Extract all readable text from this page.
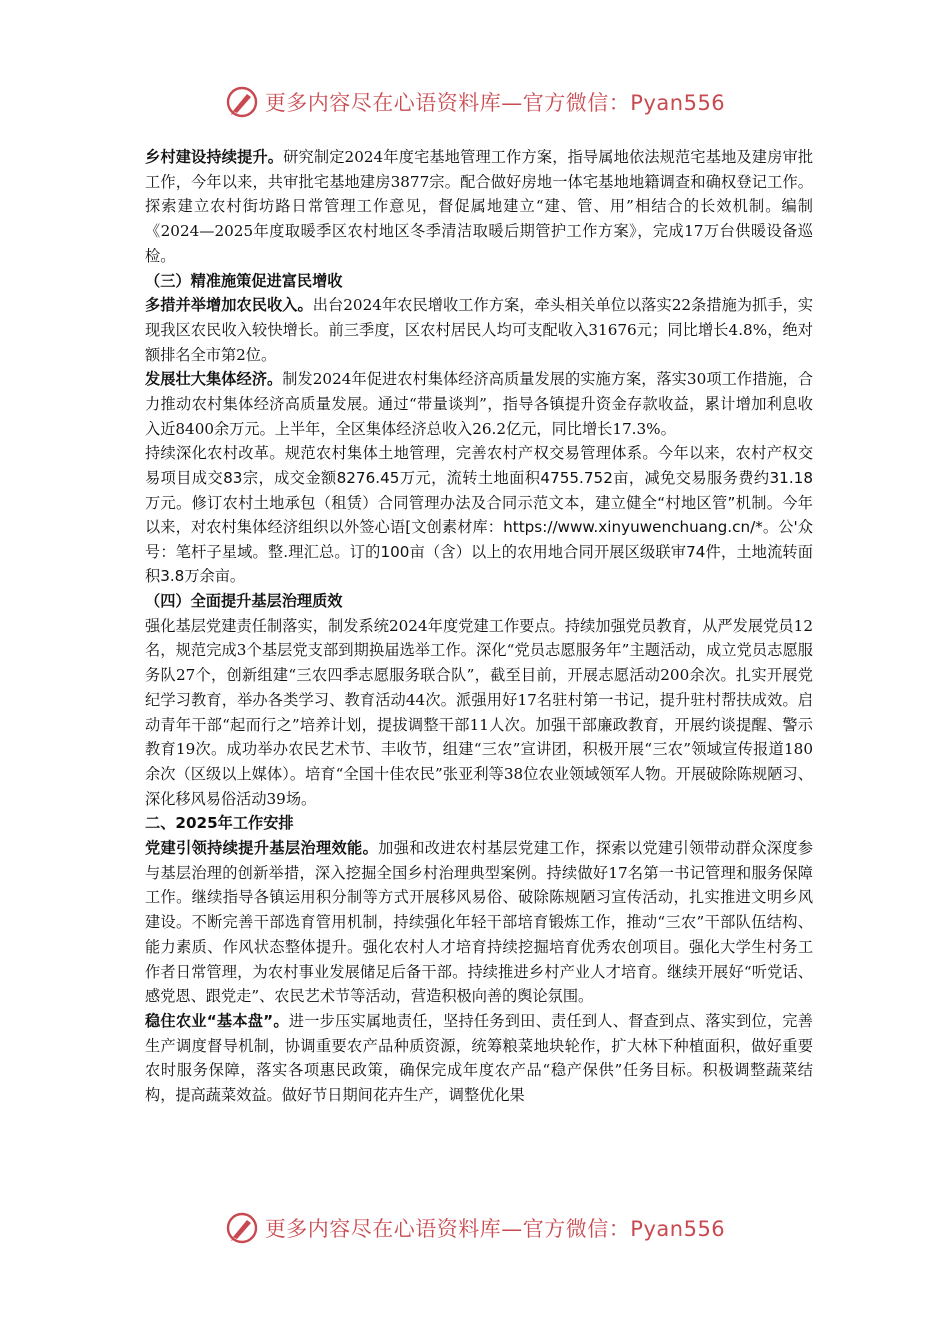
更多内容尽在心语资料库—官方微信：Pyan556

乡村建设持续提升。研究制定2024年度宅基地管理工作方案，指导属地依法规范宅基地及建房审批工作，今年以来，共审批宅基地建房3877宗。配合做好房地一体宅基地地籍调查和确权登记工作。探索建立农村街坊路日常管理工作意见，督促属地建立“建、管、用”相结合的长效机制。编制《2024—2025年度取暖季区农村地区冬季清洁取暖后期管护工作方案》，完成17万台供暖设备巡检。

（三）精准施策促进富民增收

多措并举增加农民收入。出台2024年农民增收工作方案，牵头相关单位以落实22条措施为抓手，实现我区农民收入较快增长。前三季度，区农村居民人均可支配收入31676元；同比增长4.8%，绝对额排名全市第2位。

发展壮大集体经济。制发2024年促进农村集体经济高质量发展的实施方案，落实30项工作措施，合力推动农村集体经济高质量发展。通过“带量谈判”，指导各镇提升资金存款收益，累计增加利息收入近8400余万元。上半年，全区集体经济总收入26.2亿元，同比增长17.3%。

持续深化农村改革。规范农村集体土地管理，完善农村产权交易管理体系。今年以来，农村产权交易项目成交83宗，成交金额8276.45万元，流转土地面积4755.752亩，减免交易服务费约31.18万元。修订农村土地承包（租赁）合同管理办法及合同示范文本，建立健全“村地区管”机制。今年以来，对农村集体经济组织以外签心语[文创素材库：https://www.xinyuwenchuang.cn/*。公'众号：笔杆子星域。整.理汇总。订的100亩（含）以上的农用地合同开展区级联审74件，土地流转面积3.8万余亩。

（四）全面提升基层治理质效

强化基层党建责任制落实，制发系统2024年度党建工作要点。持续加强党员教育，从严发展党员12名，规范完成3个基层党支部到期换届选举工作。深化“党员志愿服务年”主题活动，成立党员志愿服务队27个，创新组建“三农四季志愿服务联合队”，截至目前，开展志愿活动200余次。扎实开展党纪学习教育，举办各类学习、教育活动44次。派强用好17名驻村第一书记，提升驻村帮扶成效。启动青年干部“起而行之”培养计划，提拔调整干部11人次。加强干部廉政教育，开展约谈提醒、警示教育19次。成功举办农民艺术节、丰收节，组建“三农”宣讲团，积极开展“三农”领域宣传报道180余次（区级以上媒体）。培育“全国十佳农民”张亚利等38位农业领域领军人物。开展破除陈规陋习、深化移风易俗活动39场。

二、2025年工作安排

党建引领持续提升基层治理效能。加强和改进农村基层党建工作，探索以党建引领带动群众深度参与基层治理的创新举措，深入挖掘全国乡村治理典型案例。持续做好17名第一书记管理和服务保障工作。继续指导各镇运用积分制等方式开展移风易俗、破除陈规陋习宣传活动，扎实推进文明乡风建设。不断完善干部选育管用机制，持续强化年轻干部培育锻炼工作，推动“三农”干部队伍结构、能力素质、作风状态整体提升。强化农村人才培育持续挖掘培育优秀农创项目。强化大学生村务工作者日常管理，为农村事业发展储足后备干部。持续推进乡村产业人才培育。继续开展好“听党话、感党恩、跟党走”、农民艺术节等活动，营造积极向善的舆论氛围。

稳住农业“基本盘”。进一步压实属地责任，坚持任务到田、责任到人、督查到点、落实到位，完善生产调度督导机制，协调重要农产品种质资源，统筹粮菜地块轮作，扩大林下种植面积，做好重要农时服务保障，落实各项惠民政策，确保完成年度农产品“稳产保供”任务目标。积极调整蔬菜结构，提高蔬菜效益。做好节日期间花卉生产，调整优化果

更多内容尽在心语资料库—官方微信：Pyan556
